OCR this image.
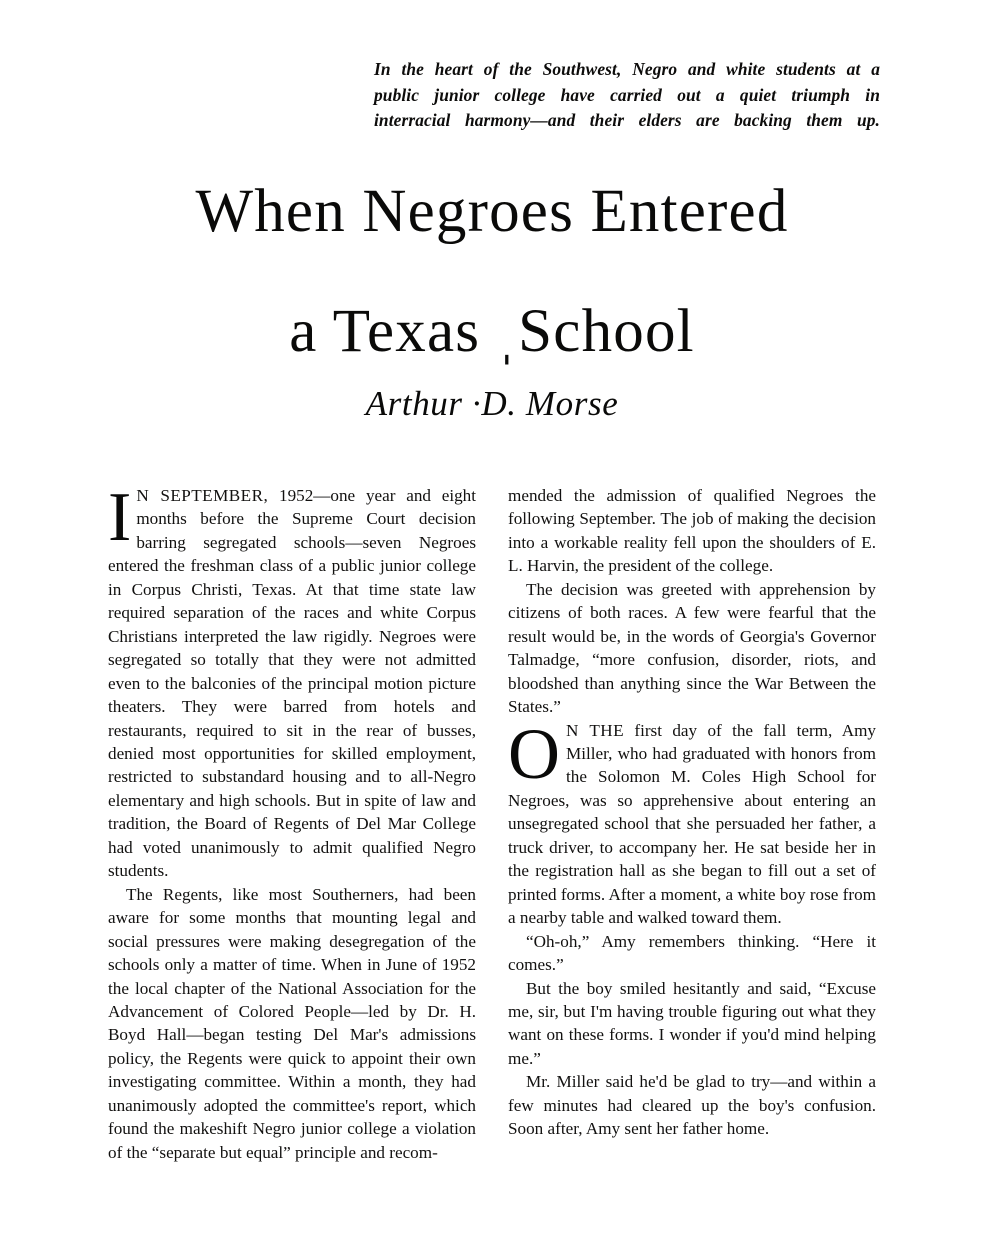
In the heart of the Southwest, Negro and white students at a
public junior college have carried out a quiet triumph in
interracial harmony—and their elders are backing them up.
When Negroes Entered
a Texas ˌSchool
Arthur ·D. Morse

I N SEPTEMBER, 1952—one year and eight months before the Supreme Court decision barring segregated schools—seven Negroes entered the freshman class of a public junior college in Corpus Christi, Texas. At that time state law required separation of the races and white Corpus Christians interpreted the law rigidly. Negroes were segregated so totally that they were not admitted even to the balconies of the principal motion picture theaters. They were barred from hotels and restaurants, required to sit in the rear of busses, denied most opportunities for skilled employment, restricted to substandard housing and to all-Negro elementary and high schools. But in spite of law and tradition, the Board of Regents of Del Mar College had voted unanimously to admit qualified Negro students.

The Regents, like most Southerners, had been aware for some months that mounting legal and social pressures were making desegregation of the schools only a matter of time. When in June of 1952 the local chapter of the National Association for the Advancement of Colored People—led by Dr. H. Boyd Hall—began testing Del Mar's admissions policy, the Regents were quick to appoint their own investigating committee. Within a month, they had unanimously adopted the committee's report, which found the makeshift Negro junior college a violation of the “separate but equal” principle and recom-

mended the admission of qualified Negroes the following September. The job of making the decision into a workable reality fell upon the shoulders of E. L. Harvin, the president of the college.

The decision was greeted with apprehension by citizens of both races. A few were fearful that the result would be, in the words of Georgia's Governor Talmadge, “more confusion, disorder, riots, and bloodshed than anything since the War Between the States.”

O N THE first day of the fall term, Amy Miller, who had graduated with honors from the Solomon M. Coles High School for Negroes, was so apprehensive about entering an unsegregated school that she persuaded her father, a truck driver, to accompany her. He sat beside her in the registration hall as she began to fill out a set of printed forms. After a moment, a white boy rose from a nearby table and walked toward them.

“Oh-oh,” Amy remembers thinking. “Here it comes.”

But the boy smiled hesitantly and said, “Excuse me, sir, but I'm having trouble figuring out what they want on these forms. I wonder if you'd mind helping me.”

Mr. Miller said he'd be glad to try—and within a few minutes had cleared up the boy's confusion. Soon after, Amy sent her father home.
